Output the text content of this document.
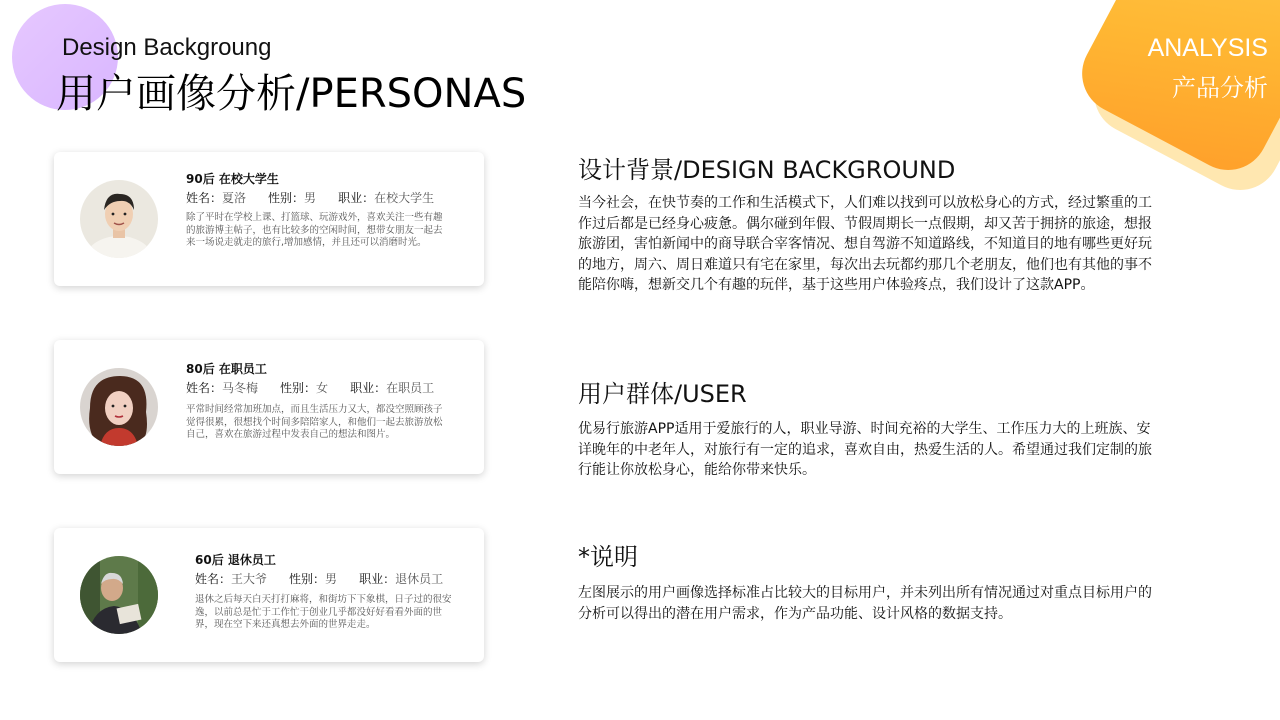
Design Backgroung
用户画像分析/PERSONAS
ANALYSIS
产品分析
90后 在校大学生
姓名：夏洛 性别：男 职业：在校大学生
除了平时在学校上课、打篮球、玩游戏外，喜欢关注一些有趣的旅游博主帖子，也有比较多的空闲时间，想带女朋友一起去来一场说走就走的旅行,增加感情，并且还可以消磨时光。
80后 在职员工
姓名：马冬梅 性别：女 职业：在职员工
平常时间经常加班加点，而且生活压力又大，都没空照顾孩子觉得很累，很想找个时间多陪陪家人，和他们一起去旅游放松自己，喜欢在旅游过程中发表自己的想法和图片。
60后 退休员工
姓名：王大爷 性别：男 职业：退休员工
退休之后每天白天打打麻将，和街坊下下象棋，日子过的很安逸，以前总是忙于工作忙于创业几乎都没好好看看外面的世界，现在空下来还真想去外面的世界走走。
设计背景/DESIGN BACKGROUND
当今社会，在快节奏的工作和生活模式下，人们难以找到可以放松身心的方式，经过繁重的工作过后都是已经身心疲惫。偶尔碰到年假、节假周期长一点假期，却又苦于拥挤的旅途，想报旅游团，害怕新闻中的商导联合宰客情况、想自驾游不知道路线，不知道目的地有哪些更好玩的地方，周六、周日难道只有宅在家里，每次出去玩都约那几个老朋友，他们也有其他的事不能陪你嗨，想新交几个有趣的玩伴，基于这些用户体验疼点，我们设计了这款APP。
用户群体/USER
优易行旅游APP适用于爱旅行的人，职业导游、时间充裕的大学生、工作压力大的上班族、安详晚年的中老年人，对旅行有一定的追求，喜欢自由，热爱生活的人。希望通过我们定制的旅行能让你放松身心，能给你带来快乐。
*说明
左图展示的用户画像选择标准占比较大的目标用户，并未列出所有情况通过对重点目标用户的分析可以得出的潜在用户需求，作为产品功能、设计风格的数据支持。
